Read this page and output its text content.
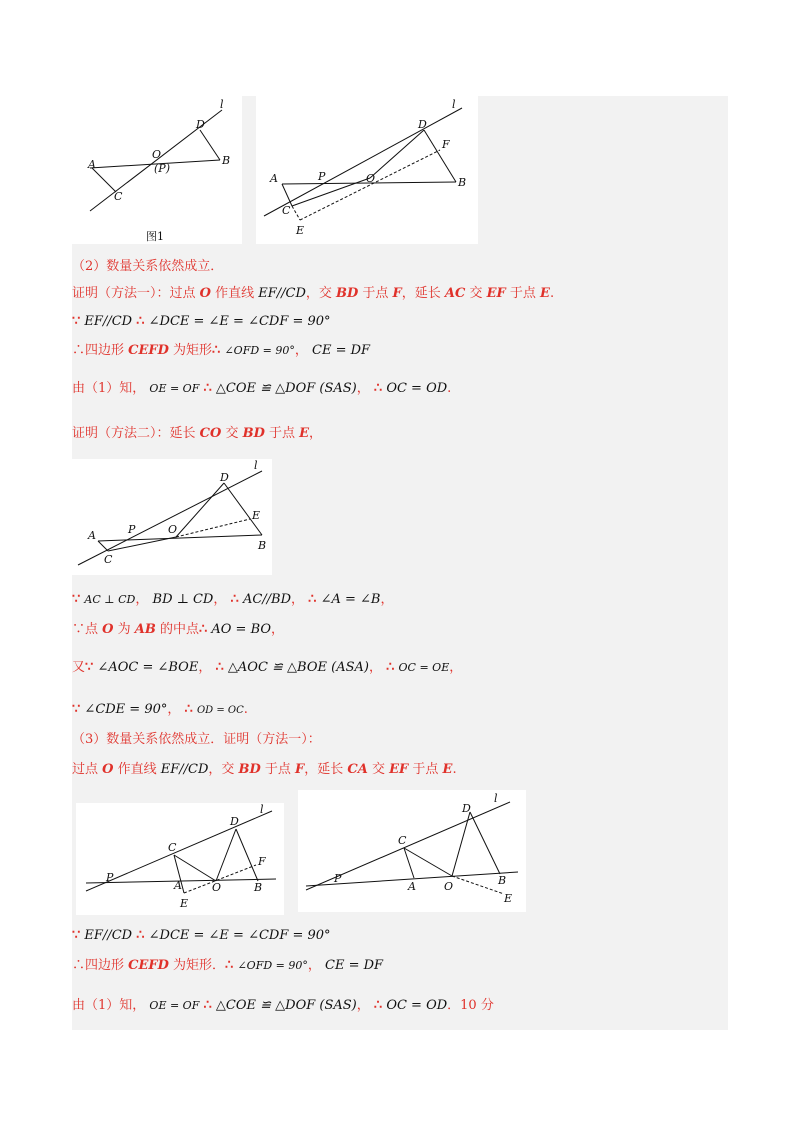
l
D
A
O
(P)
B
C
图1
l
D
F
A	P	O	B
C
E
（2）数量关系依然成立．
证明（方法一）：过点 O 作直线 EF//CD，交 BD 于点 F，延长 AC 交 EF 于点 E.
∵ EF//CD ∴ ∠DCE = ∠E = ∠CDF = 90°
∴四边形 CEFD 为矩形∴ ∠OFD = 90°， CE = DF
由（1）知， OE = OF ∴ △COE ≌ △DOF (SAS)， ∴ OC = OD.
证明（方法二）：延长 CO 交 BD 于点 E，
l
D
E
A	P	O
B
C
∵ AC ⊥ CD， BD ⊥ CD， ∴ AC//BD， ∴ ∠A = ∠B，
∵点 O 为 AB 的中点∴ AO = BO，
又∵ ∠AOC = ∠BOE， ∴ △AOC ≌ △BOE (ASA)， ∴ OC = OE，
∵ ∠CDE = 90°， ∴ OD = OC.
（3）数量关系依然成立．证明（方法一）：
过点 O 作直线 EF//CD，交 BD 于点 F，延长 CA 交 EF 于点 E.
l
D
C
F
P
A	O	B
E
l
D
C
P
A	O	B
E
∵ EF//CD ∴ ∠DCE = ∠E = ∠CDF = 90°
∴四边形 CEFD 为矩形．∴ ∠OFD = 90°， CE = DF
由（1）知， OE = OF ∴ △COE ≌ △DOF (SAS)， ∴ OC = OD．10 分
